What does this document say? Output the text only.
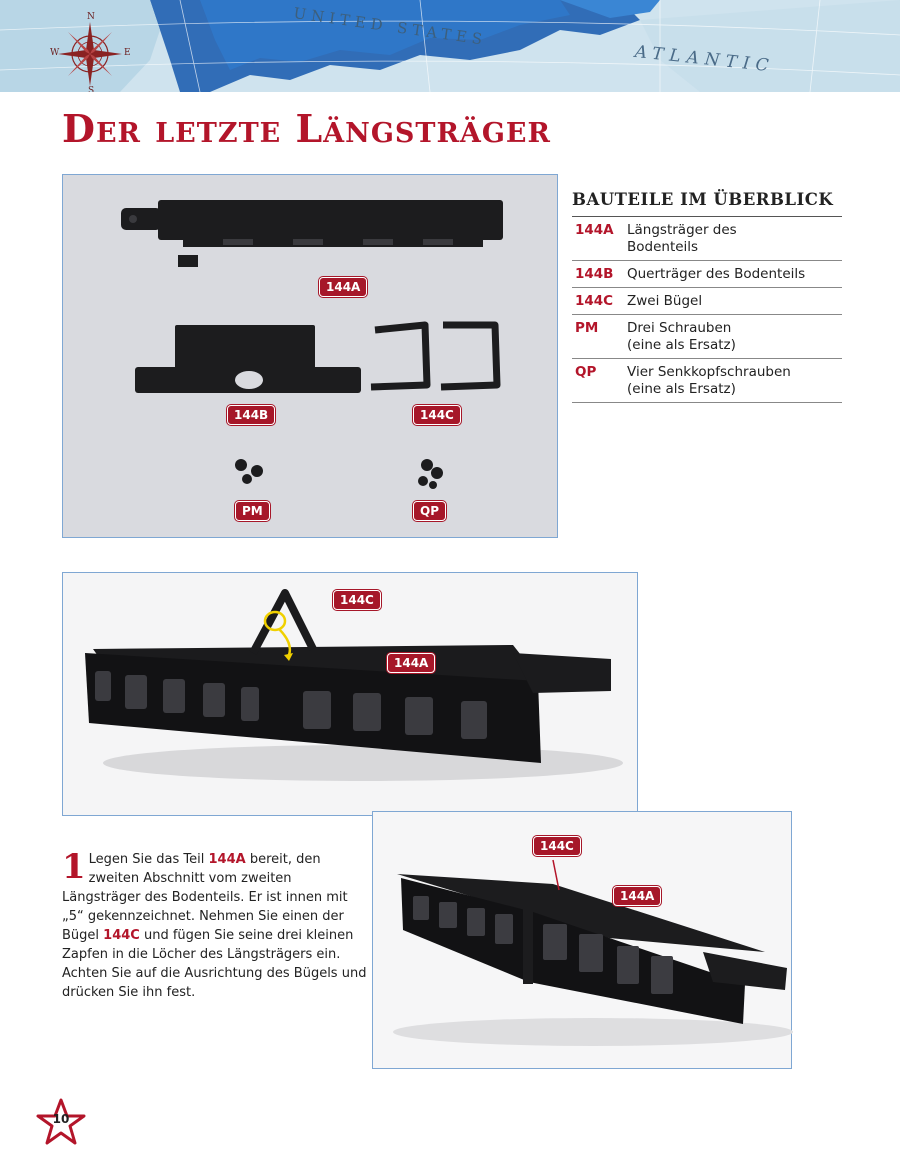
UNITED STATES
ATLANTIC
N
E
S
W
Der letzte Längsträger
144A
144B	144C
PM	QP
BAUTEILE IM ÜBERBLICK
144A Längsträger des
Bodenteils
144B	Querträger des Bodenteils
144C	Zwei Bügel
PM	Drei Schrauben
(eine als Ersatz)
QP	Vier Senkkopfschrauben
(eine als Ersatz)
144C
144A
144C
144A
1 Legen Sie das Teil 144A bereit, den zweiten Abschnitt vom zweiten Längsträger des Bodenteils. Er ist innen mit „5“ gekennzeichnet. Nehmen Sie einen der Bügel 144C und fügen Sie seine drei kleinen Zapfen in die Löcher des Längsträgers ein. Achten Sie auf die Ausrichtung des Bügels und drücken Sie ihn fest.
10
